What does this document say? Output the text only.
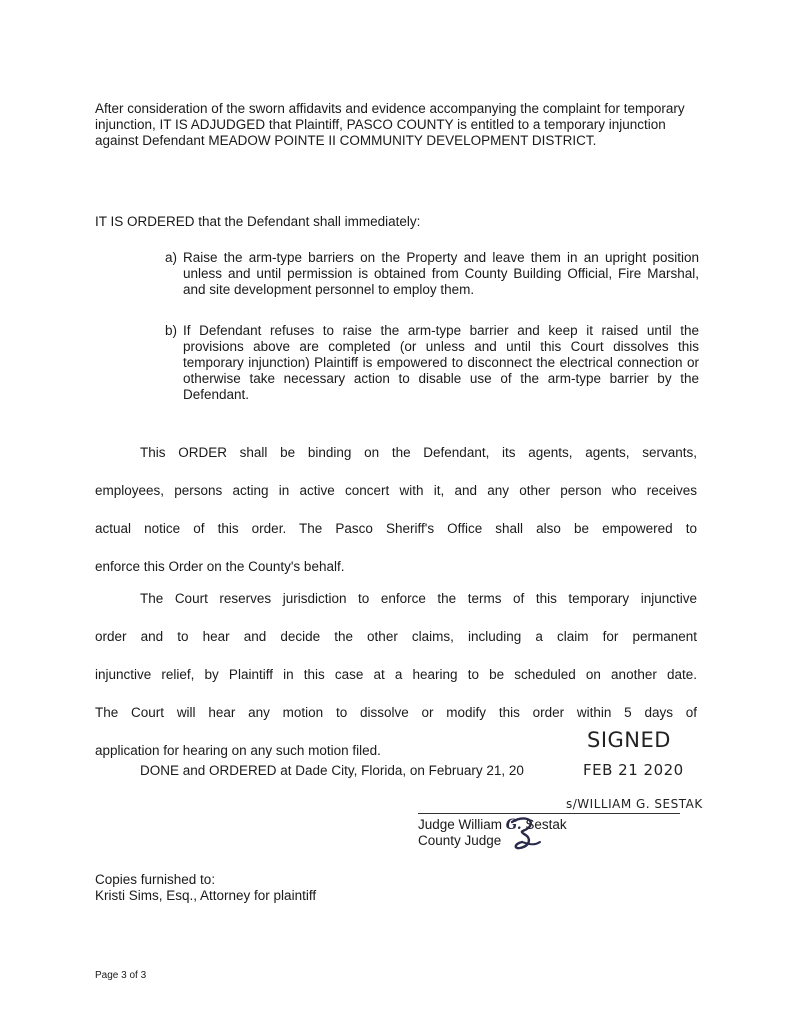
After consideration of the sworn affidavits and evidence accompanying the complaint for temporary injunction, IT IS ADJUDGED that Plaintiff, PASCO COUNTY is entitled to a temporary injunction against Defendant MEADOW POINTE II COMMUNITY DEVELOPMENT DISTRICT.
IT IS ORDERED that the Defendant shall immediately:
a) Raise the arm-type barriers on the Property and leave them in an upright position unless and until permission is obtained from County Building Official, Fire Marshal, and site development personnel to employ them.
b) If Defendant refuses to raise the arm-type barrier and keep it raised until the provisions above are completed (or unless and until this Court dissolves this temporary injunction) Plaintiff is empowered to disconnect the electrical connection or otherwise take necessary action to disable use of the arm-type barrier by the Defendant.
This ORDER shall be binding on the Defendant, its agents, agents, servants,
employees, persons acting in active concert with it, and any other person who receives
actual notice of this order. The Pasco Sheriff's Office shall also be empowered to
enforce this Order on the County's behalf.
The Court reserves jurisdiction to enforce the terms of this temporary injunctive
order and to hear and decide the other claims, including a claim for permanent
injunctive relief, by Plaintiff in this case at a hearing to be scheduled on another date.
The Court will hear any motion to dissolve or modify this order within 5 days of
application for hearing on any such motion filed.	SIGNED
DONE and ORDERED at Dade City, Florida, on February 21, 20	FEB 21 2020
s/WILLIAM G. SESTAK
Judge William G. Sestak
County Judge
Copies furnished to:
Kristi Sims, Esq., Attorney for plaintiff
Page 3 of 3
